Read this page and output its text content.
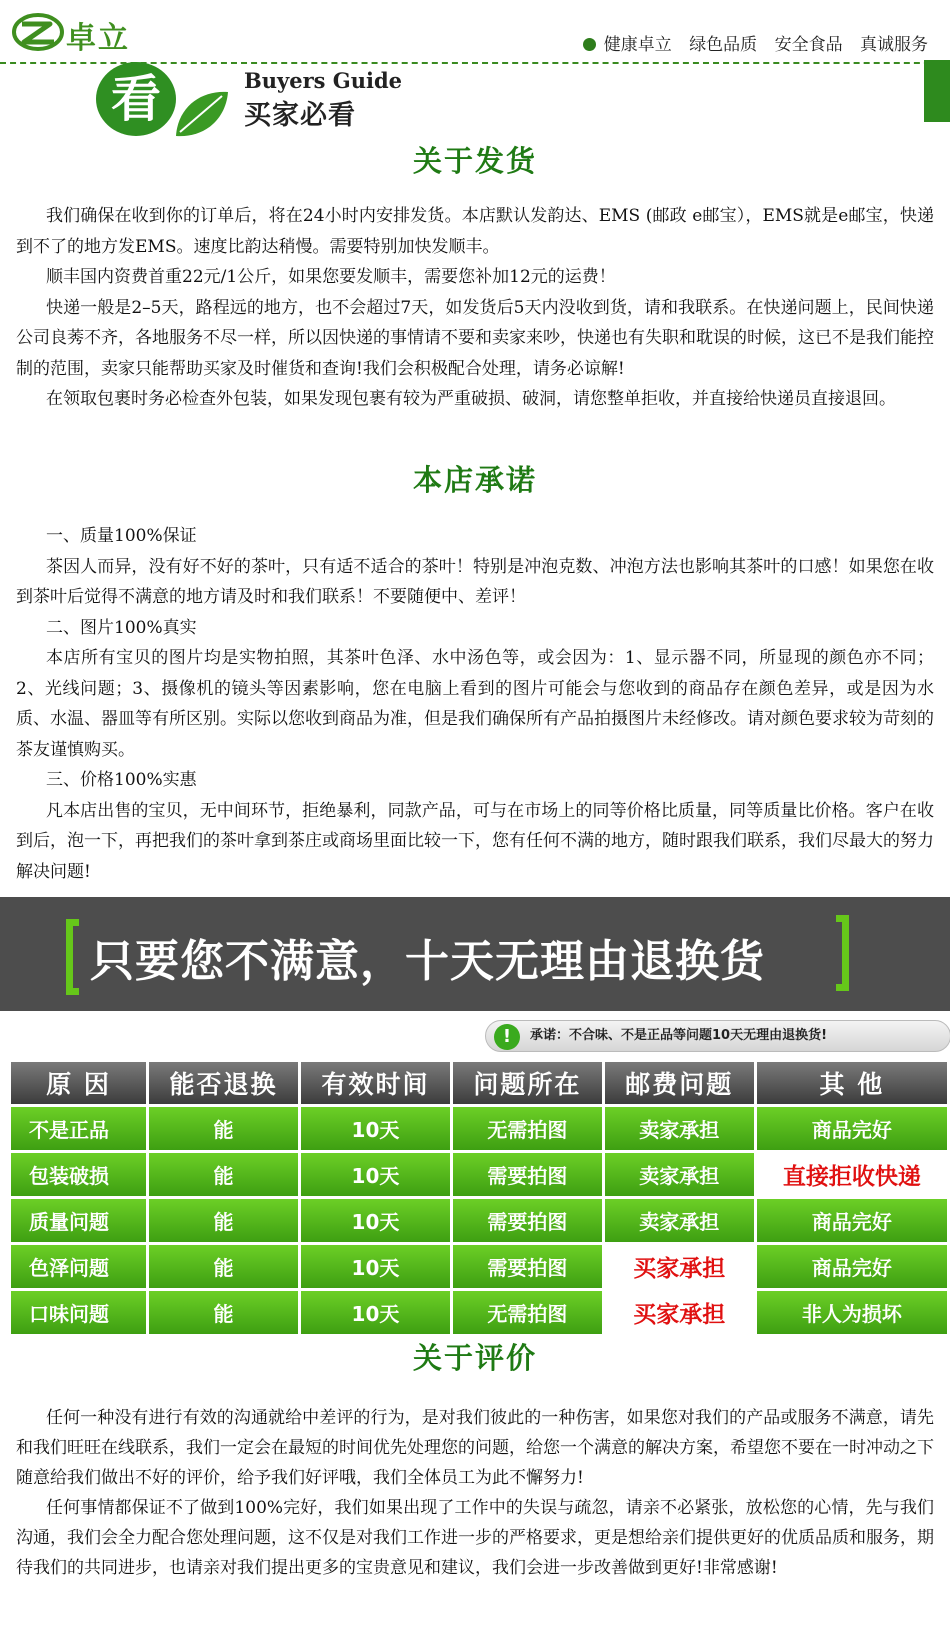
卓立	健康卓立 绿色品质 安全食品 真诚服务
看	Buyers Guide
买家必看
关于发货

我们确保在收到你的订单后，将在24小时内安排发货。本店默认发韵达、EMS (邮政 e邮宝），EMS就是e邮宝，快递到不了的地方发EMS。速度比韵达稍慢。需要特别加快发顺丰。

顺丰国内资费首重22元/1公斤，如果您要发顺丰，需要您补加12元的运费！

快递一般是2–5天，路程远的地方，也不会超过7天，如发货后5天内没收到货，请和我联系。在快递问题上，民间快递公司良莠不齐，各地服务不尽一样，所以因快递的事情请不要和卖家来吵，快递也有失职和耽误的时候，这已不是我们能控制的范围，卖家只能帮助买家及时催货和查询!我们会积极配合处理，请务必谅解!

在领取包裹时务必检查外包装，如果发现包裹有较为严重破损、破洞，请您整单拒收，并直接给快递员直接退回。

本店承诺

一、质量100%保证

茶因人而异，没有好不好的茶叶，只有适不适合的茶叶！特别是冲泡克数、冲泡方法也影响其茶叶的口感！如果您在收到茶叶后觉得不满意的地方请及时和我们联系！不要随便中、差评！

二、图片100%真实

本店所有宝贝的图片均是实物拍照，其茶叶色泽、水中汤色等，或会因为：1、显示器不同，所显现的颜色亦不同；2、光线问题；3、摄像机的镜头等因素影响，您在电脑上看到的图片可能会与您收到的商品存在颜色差异，或是因为水质、水温、器皿等有所区别。实际以您收到商品为准，但是我们确保所有产品拍摄图片未经修改。请对颜色要求较为苛刻的茶友谨慎购买。

三、价格100%实惠

凡本店出售的宝贝，无中间环节，拒绝暴利，同款产品，可与在市场上的同等价格比质量，同等质量比价格。客户在收到后，泡一下，再把我们的茶叶拿到茶庄或商场里面比较一下，您有任何不满的地方，随时跟我们联系，我们尽最大的努力解决问题!

只要您不满意，十天无理由退换货
!	承诺：不合味、不是正品等问题10天无理由退换货!
原 因	能否退换	有效时间	问题所在	邮费问题	其 他
不是正品	能	10天	无需拍图	卖家承担	商品完好
包装破损	能	10天	需要拍图	卖家承担	直接拒收快递
质量问题	能	10天	需要拍图	卖家承担	商品完好
色泽问题	能	10天	需要拍图	买家承担	商品完好
口味问题	能	10天	无需拍图	买家承担	非人为损坏
关于评价

任何一种没有进行有效的沟通就给中差评的行为，是对我们彼此的一种伤害，如果您对我们的产品或服务不满意，请先和我们旺旺在线联系，我们一定会在最短的时间优先处理您的问题，给您一个满意的解决方案，希望您不要在一时冲动之下随意给我们做出不好的评价，给予我们好评哦，我们全体员工为此不懈努力!

任何事情都保证不了做到100%完好，我们如果出现了工作中的失误与疏忽，请亲不必紧张，放松您的心情，先与我们沟通，我们会全力配合您处理问题，这不仅是对我们工作进一步的严格要求，更是想给亲们提供更好的优质品质和服务，期待我们的共同进步，也请亲对我们提出更多的宝贵意见和建议，我们会进一步改善做到更好!非常感谢!
